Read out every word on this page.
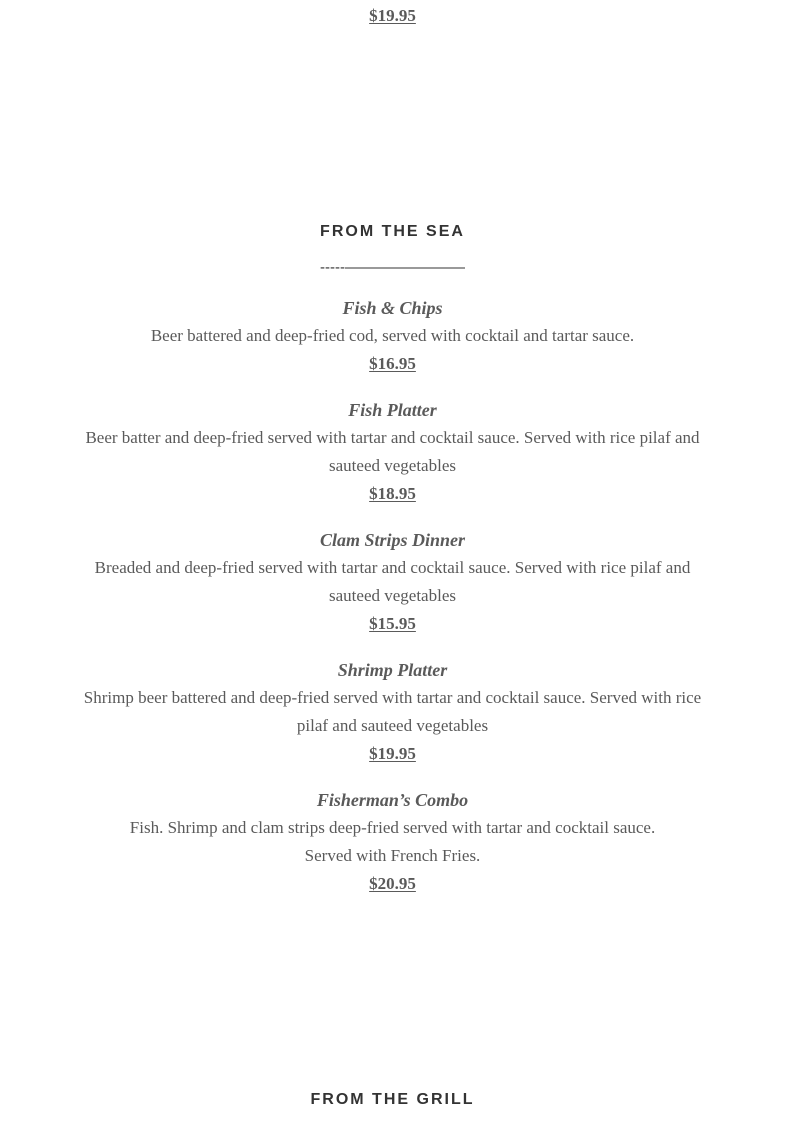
$19.95
FROM THE SEA
-----————————
Fish & Chips
Beer battered and deep-fried cod, served with cocktail and tartar sauce.
$16.95
Fish Platter
Beer batter and deep-fried served with tartar and cocktail sauce. Served with rice pilaf and sauteed vegetables
$18.95
Clam Strips Dinner
Breaded and deep-fried served with tartar and cocktail sauce. Served with rice pilaf and sauteed vegetables
$15.95
Shrimp Platter
Shrimp beer battered and deep-fried served with tartar and cocktail sauce. Served with rice pilaf and sauteed vegetables
$19.95
Fisherman’s Combo
Fish. Shrimp and clam strips deep-fried served with tartar and cocktail sauce. Served with French Fries.
$20.95
FROM THE GRILL
